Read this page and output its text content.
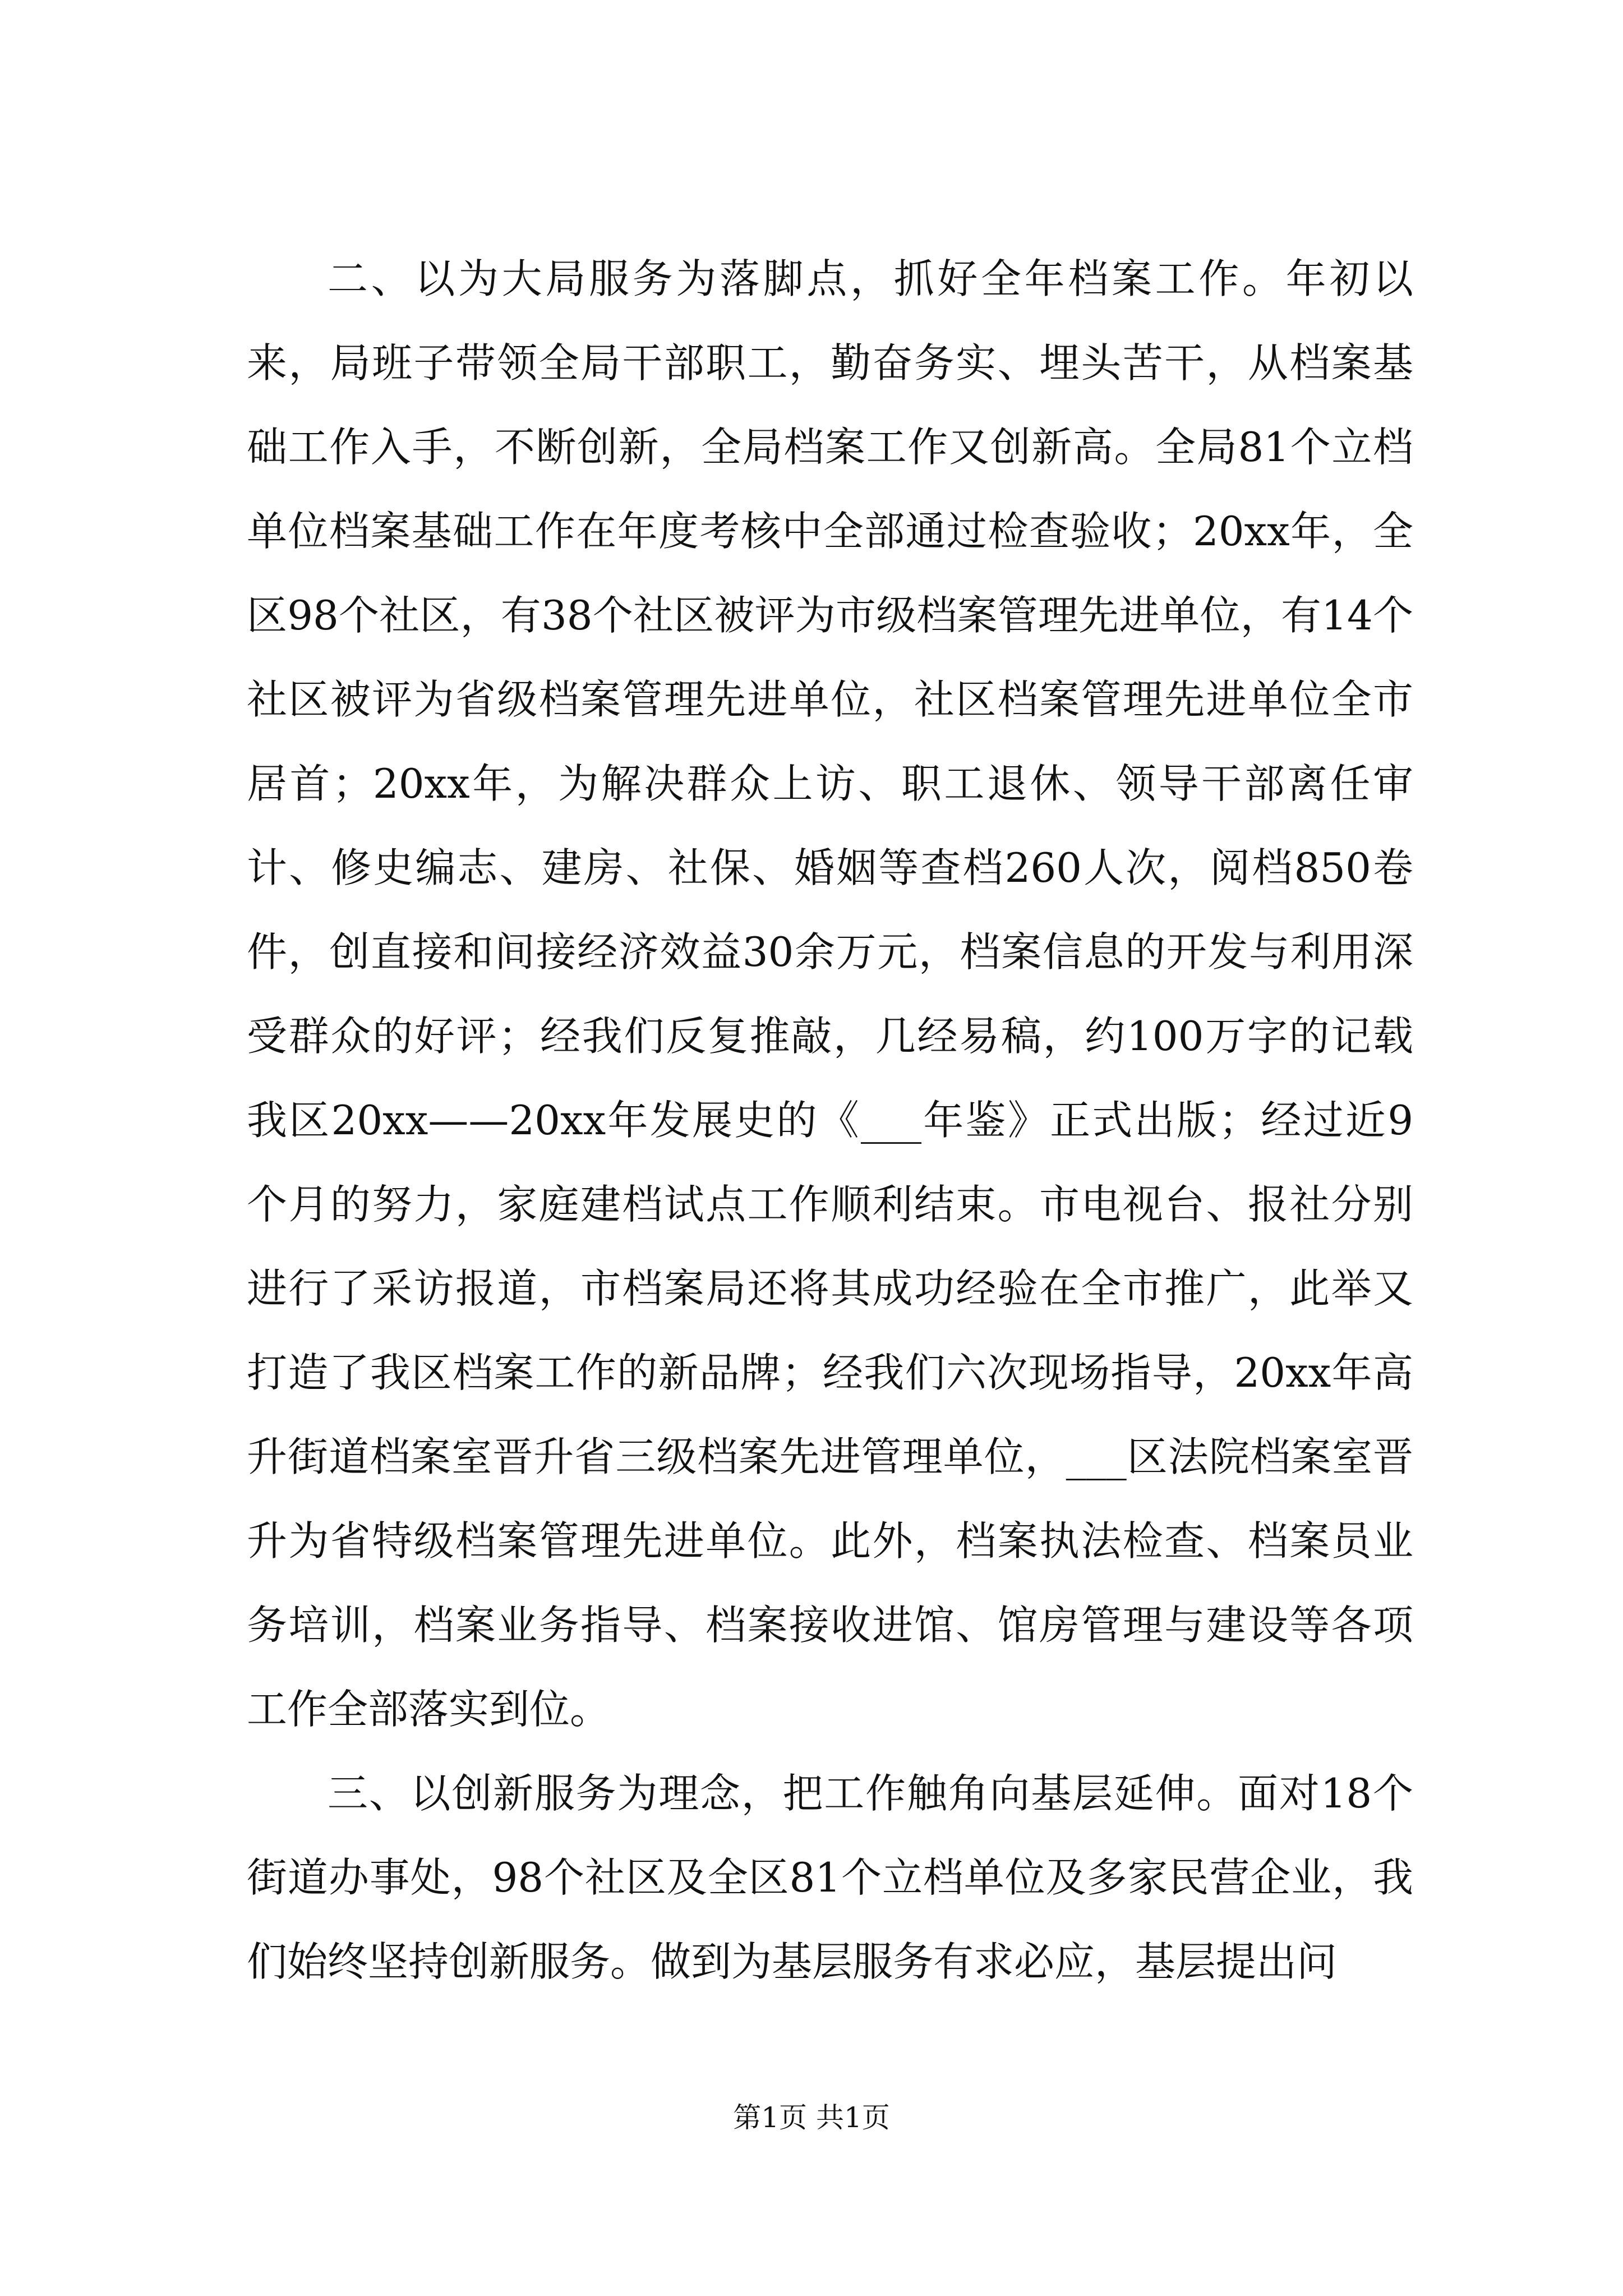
二、以为大局服务为落脚点，抓好全年档案工作。年初以来，局班子带领全局干部职工，勤奋务实、埋头苦干，从档案基础工作入手，不断创新，全局档案工作又创新高。全局81个立档单位档案基础工作在年度考核中全部通过检查验收；20xx年，全区98个社区，有38个社区被评为市级档案管理先进单位，有14个社区被评为省级档案管理先进单位，社区档案管理先进单位全市居首；20xx年，为解决群众上访、职工退休、领导干部离任审计、修史编志、建房、社保、婚姻等查档260人次，阅档850卷件，创直接和间接经济效益30余万元，档案信息的开发与利用深受群众的好评；经我们反复推敲，几经易稿，约100万字的记载我区20xx——20xx年发展史的《___年鉴》正式出版；经过近9个月的努力，家庭建档试点工作顺利结束。市电视台、报社分别进行了采访报道，市档案局还将其成功经验在全市推广，此举又打造了我区档案工作的新品牌；经我们六次现场指导，20xx年高升街道档案室晋升省三级档案先进管理单位，___区法院档案室晋升为省特级档案管理先进单位。此外，档案执法检查、档案员业务培训，档案业务指导、档案接收进馆、馆房管理与建设等各项工作全部落实到位。

三、以创新服务为理念，把工作触角向基层延伸。面对18个街道办事处，98个社区及全区81个立档单位及多家民营企业，我们始终坚持创新服务。做到为基层服务有求必应，基层提出问

第1页 共1页
